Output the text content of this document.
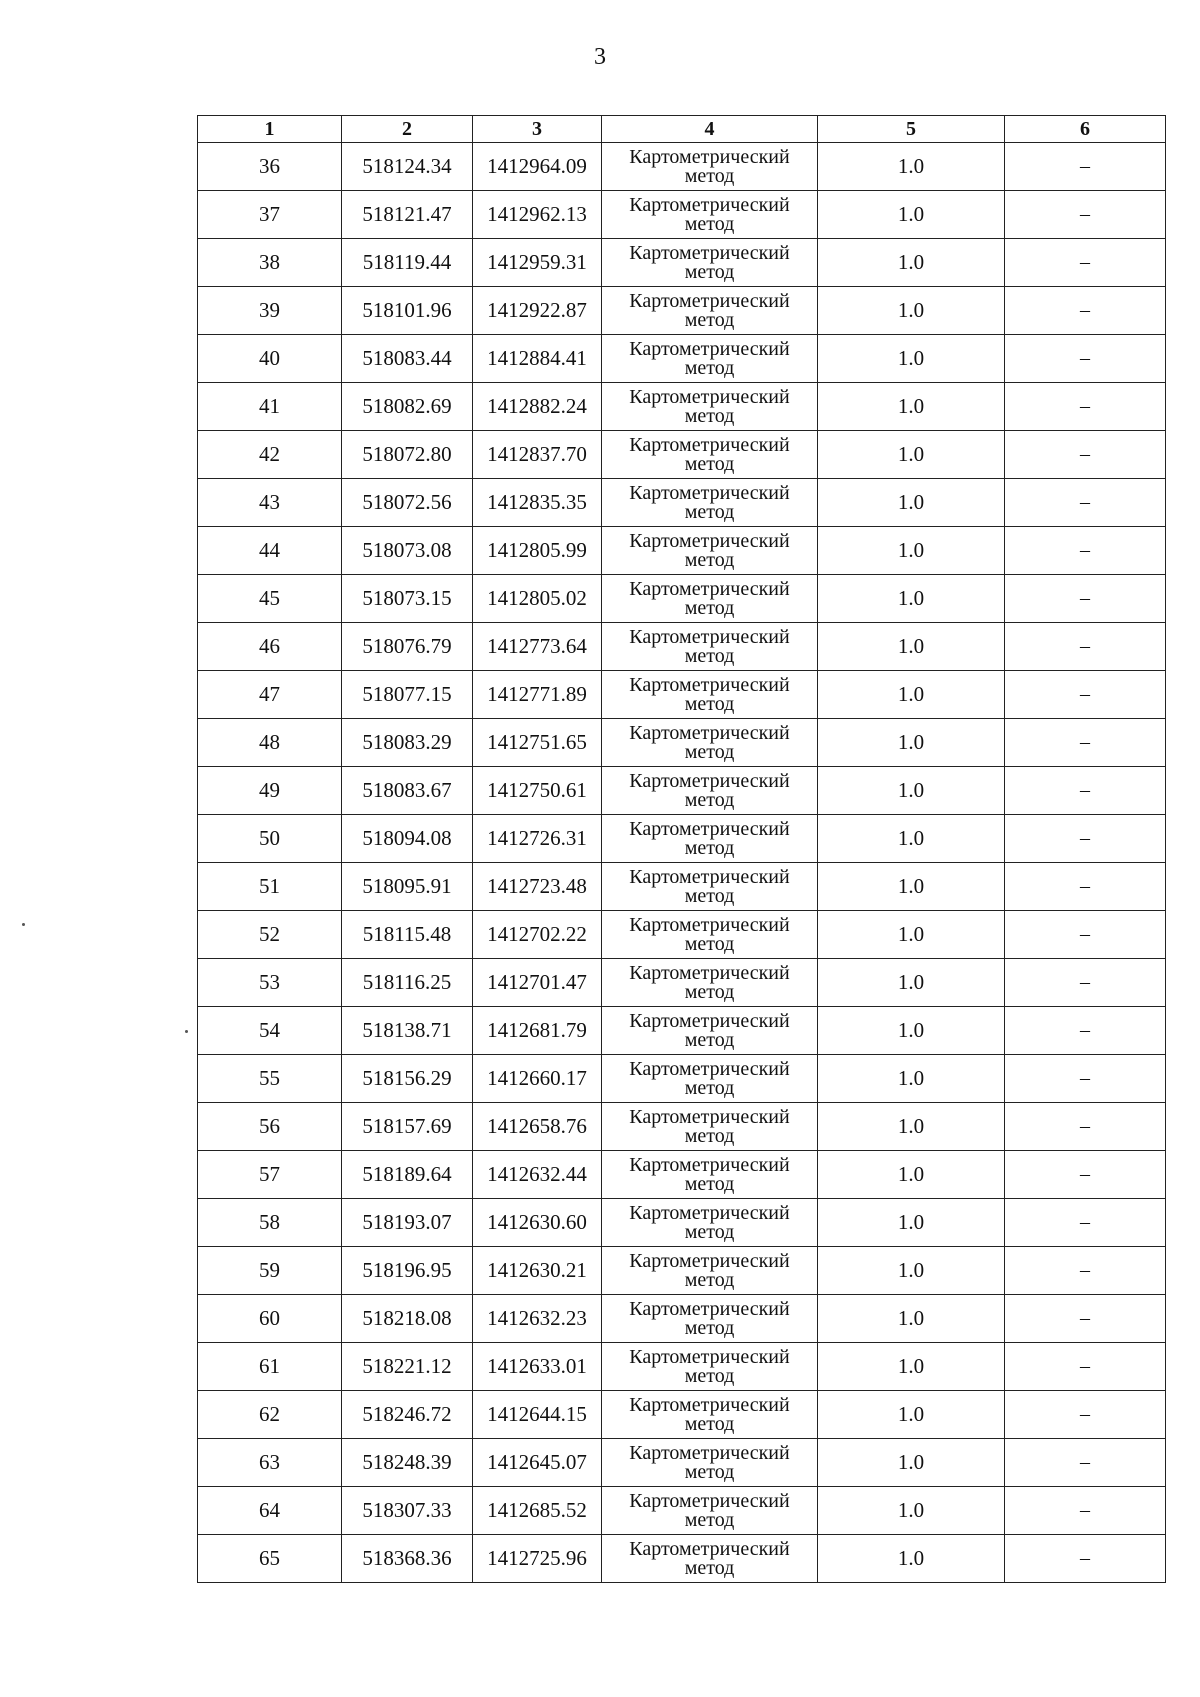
3
1	2	3	4	5	6
36	518124.34	1412964.09	Картометрический метод	1.0	–
37	518121.47	1412962.13	Картометрический метод	1.0	–
38	518119.44	1412959.31	Картометрический метод	1.0	–
39	518101.96	1412922.87	Картометрический метод	1.0	–
40	518083.44	1412884.41	Картометрический метод	1.0	–
41	518082.69	1412882.24	Картометрический метод	1.0	–
42	518072.80	1412837.70	Картометрический метод	1.0	–
43	518072.56	1412835.35	Картометрический метод	1.0	–
44	518073.08	1412805.99	Картометрический метод	1.0	–
45	518073.15	1412805.02	Картометрический метод	1.0	–
46	518076.79	1412773.64	Картометрический метод	1.0	–
47	518077.15	1412771.89	Картометрический метод	1.0	–
48	518083.29	1412751.65	Картометрический метод	1.0	–
49	518083.67	1412750.61	Картометрический метод	1.0	–
50	518094.08	1412726.31	Картометрический метод	1.0	–
51	518095.91	1412723.48	Картометрический метод	1.0	–
52	518115.48	1412702.22	Картометрический метод	1.0	–
53	518116.25	1412701.47	Картометрический метод	1.0	–
54	518138.71	1412681.79	Картометрический метод	1.0	–
55	518156.29	1412660.17	Картометрический метод	1.0	–
56	518157.69	1412658.76	Картометрический метод	1.0	–
57	518189.64	1412632.44	Картометрический метод	1.0	–
58	518193.07	1412630.60	Картометрический метод	1.0	–
59	518196.95	1412630.21	Картометрический метод	1.0	–
60	518218.08	1412632.23	Картометрический метод	1.0	–
61	518221.12	1412633.01	Картометрический метод	1.0	–
62	518246.72	1412644.15	Картометрический метод	1.0	–
63	518248.39	1412645.07	Картометрический метод	1.0	–
64	518307.33	1412685.52	Картометрический метод	1.0	–
65	518368.36	1412725.96	Картометрический метод	1.0	–
